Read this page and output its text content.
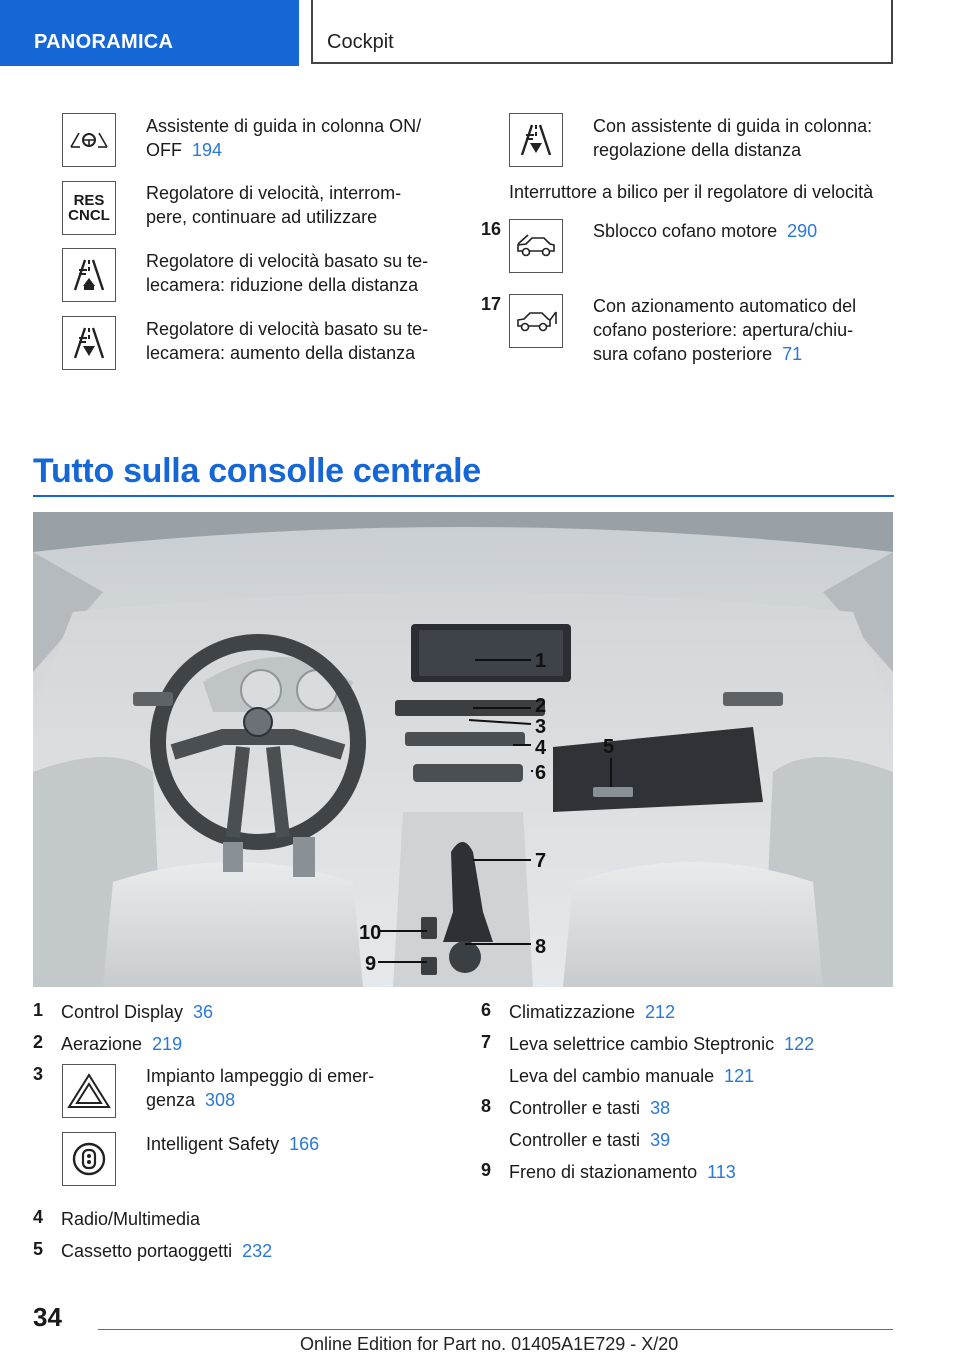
PANORAMICA	Cockpit
Assistente di guida in colonna ON/
OFF 194
RES
CNCL
Regolatore di velocità, interrom-
pere, continuare ad utilizzare
Regolatore di velocità basato su te-
lecamera: riduzione della distanza
Regolatore di velocità basato su te-
lecamera: aumento della distanza
Con assistente di guida in colonna:
regolazione della distanza
Interruttore a bilico per il regolatore di velocità
16	Sblocco cofano motore 290
17	Con azionamento automatico del
cofano posteriore: apertura/chiu-
sura cofano posteriore 71
Tutto sulla consolle centrale
1
2
3
4	5
6
7
8
9
10
1 Control Display 36
2 Aerazione 219
3	Impianto lampeggio di emer-
genza 308
Intelligent Safety 166
4 Radio/Multimedia
5 Cassetto portaoggetti 232
6 Climatizzazione 212
7 Leva selettrice cambio Steptronic 122
Leva del cambio manuale 121
8 Controller e tasti 38
Controller e tasti 39
9 Freno di stazionamento 113
34
Online Edition for Part no. 01405A1E729 - X/20
